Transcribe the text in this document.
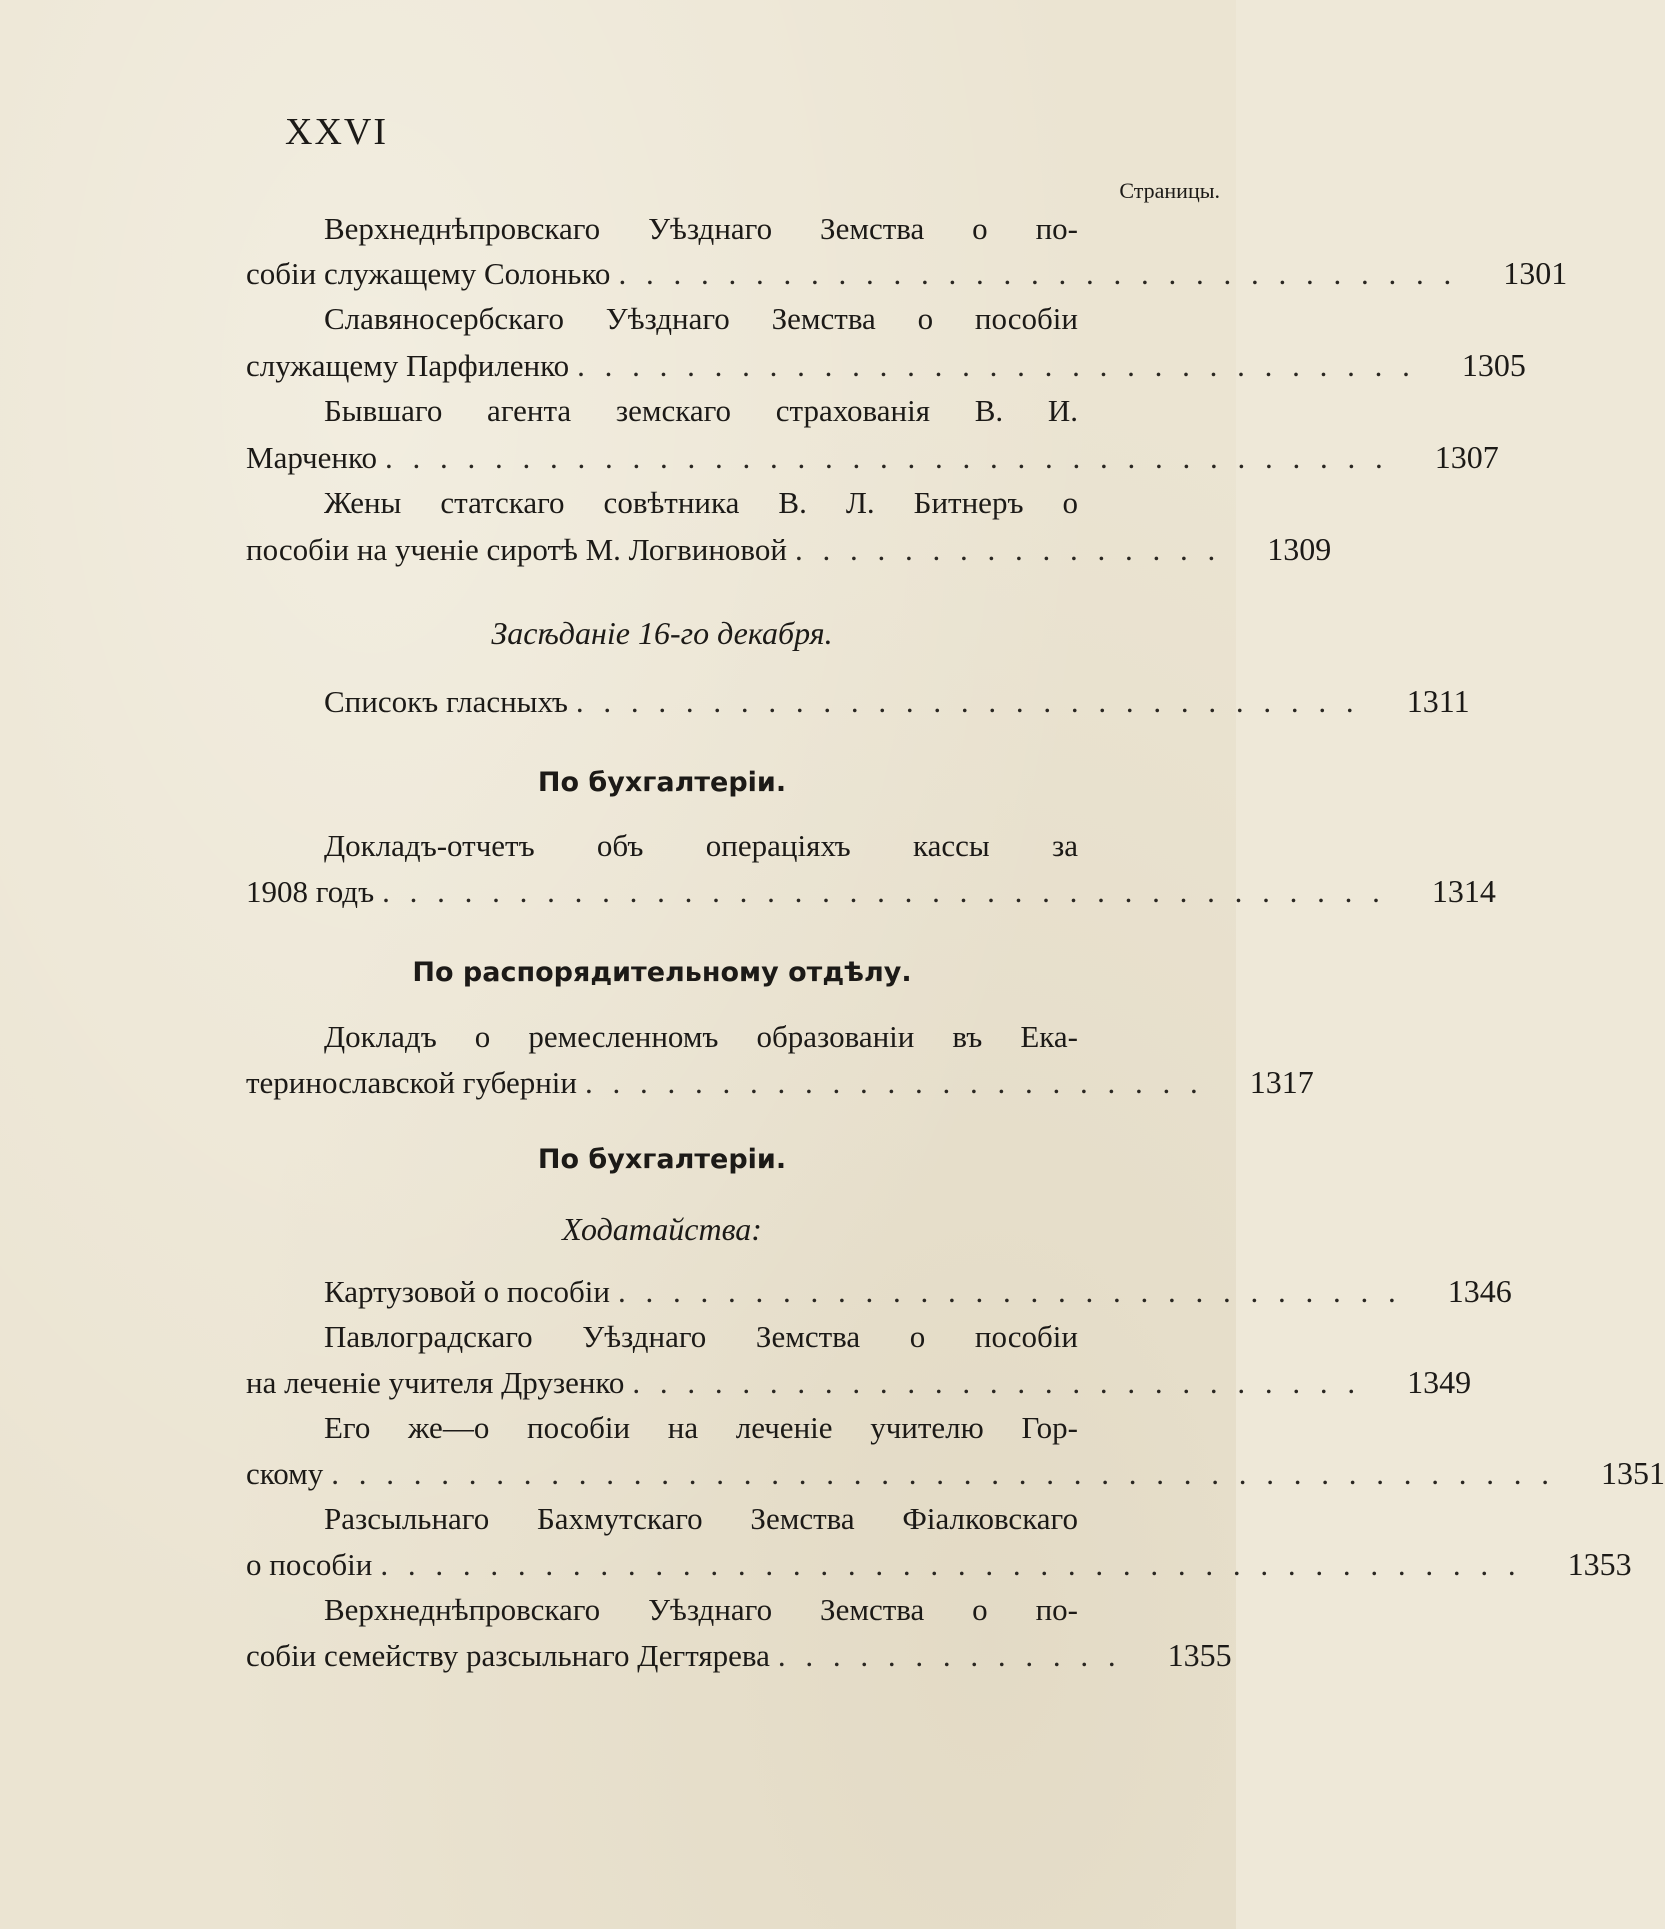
XXVI
Страницы.
Верхнеднѣпровскаго Уѣзднаго Земства о по-
собіи служащему Солонько . . . . . . . . . . . . . . . . . . . . . . . . . . . . . . .	1301
Славяносербскаго Уѣзднаго Земства о пособіи
служащему Парфиленко . . . . . . . . . . . . . . . . . . . . . . . . . . . . . . .	1305
Бывшаго агента земскаго страхованія В. И.
Марченко . . . . . . . . . . . . . . . . . . . . . . . . . . . . . . . . . . . . .	1307
Жены статскаго совѣтника В. Л. Битнеръ о
пособіи на ученіе сиротѣ М. Логвиновой . . . . . . . . . . . . . . . .	1309
Засѣданіе 16-го декабря.
Списокъ гласныхъ . . . . . . . . . . . . . . . . . . . . . . . . . . . . .	1311
По бухгалтеріи.
Докладъ-отчетъ объ операціяхъ кассы за
1908 годъ . . . . . . . . . . . . . . . . . . . . . . . . . . . . . . . . . . . . .	1314
По распорядительному отдѣлу.
Докладъ о ремесленномъ образованіи въ Ека-
теринославской губерніи . . . . . . . . . . . . . . . . . . . . . . .	1317
По бухгалтеріи.
Ходатайства:
Картузовой о пособіи . . . . . . . . . . . . . . . . . . . . . . . . . . . . .	1346
Павлоградскаго Уѣзднаго Земства о пособіи
на леченіе учителя Друзенко . . . . . . . . . . . . . . . . . . . . . . . . . . .	1349
Его же—о пособіи на леченіе учителю Гор-
скому . . . . . . . . . . . . . . . . . . . . . . . . . . . . . . . . . . . . . . . . . . . . .	1351
Разсыльнаго Бахмутскаго Земства Фіалковскаго
о пособіи . . . . . . . . . . . . . . . . . . . . . . . . . . . . . . . . . . . . . . . . . .	1353
Верхнеднѣпровскаго Уѣзднаго Земства о по-
собіи семейству разсыльнаго Дегтярева . . . . . . . . . . . . .	1355
